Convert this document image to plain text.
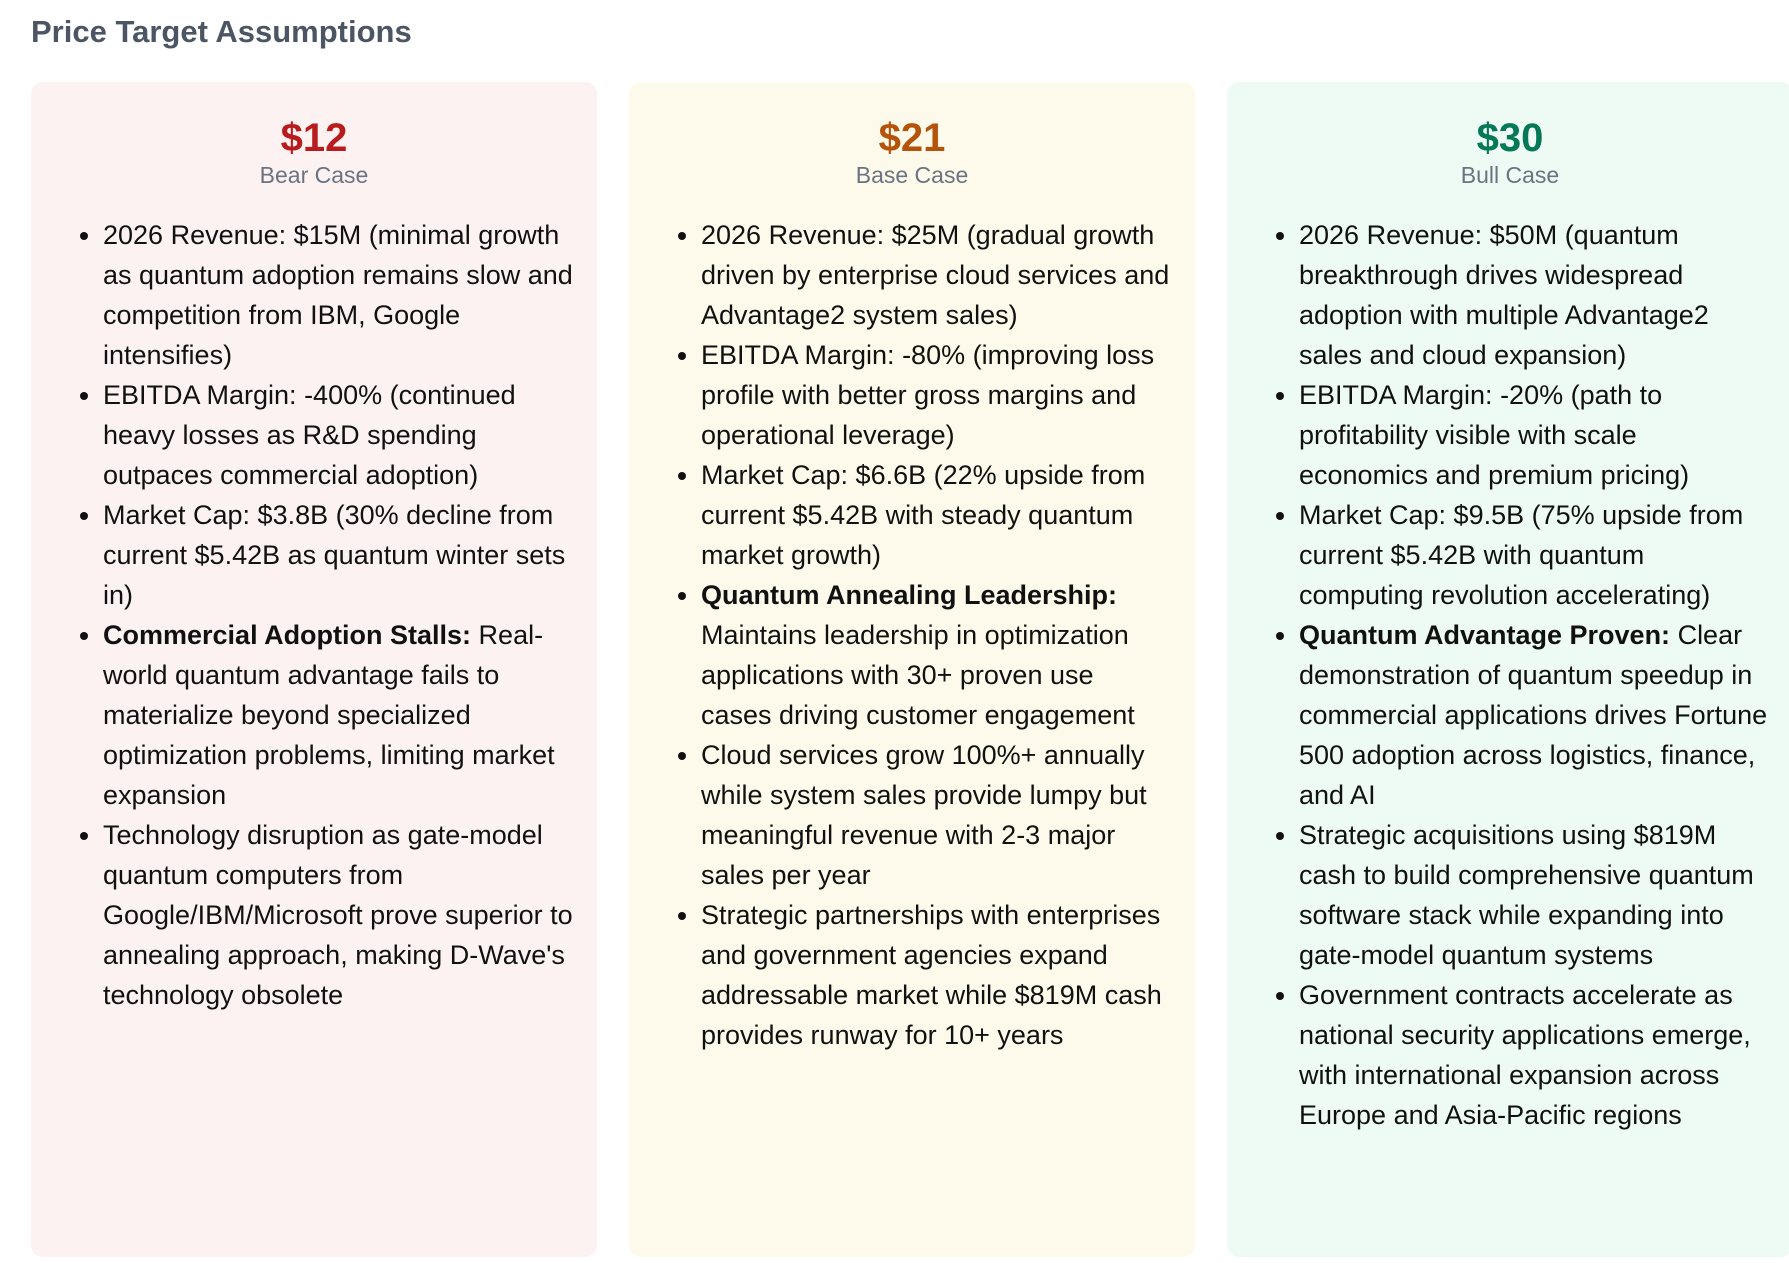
Price Target Assumptions
$12
Bear Case
• 2026 Revenue: $15M (minimal growth as quantum adoption remains slow and competition from IBM, Google intensifies)
• EBITDA Margin: -400% (continued heavy losses as R&D spending outpaces commercial adoption)
• Market Cap: $3.8B (30% decline from current $5.42B as quantum winter sets in)
• Commercial Adoption Stalls: Real-world quantum advantage fails to materialize beyond specialized optimization problems, limiting market expansion
• Technology disruption as gate-model quantum computers from Google/IBM/Microsoft prove superior to annealing approach, making D-Wave's technology obsolete
$21
Base Case
• 2026 Revenue: $25M (gradual growth driven by enterprise cloud services and Advantage2 system sales)
• EBITDA Margin: -80% (improving loss profile with better gross margins and operational leverage)
• Market Cap: $6.6B (22% upside from current $5.42B with steady quantum market growth)
• Quantum Annealing Leadership: Maintains leadership in optimization applications with 30+ proven use cases driving customer engagement
• Cloud services grow 100%+ annually while system sales provide lumpy but meaningful revenue with 2-3 major sales per year
• Strategic partnerships with enterprises and government agencies expand addressable market while $819M cash provides runway for 10+ years
$30
Bull Case
• 2026 Revenue: $50M (quantum breakthrough drives widespread adoption with multiple Advantage2 sales and cloud expansion)
• EBITDA Margin: -20% (path to profitability visible with scale economics and premium pricing)
• Market Cap: $9.5B (75% upside from current $5.42B with quantum computing revolution accelerating)
• Quantum Advantage Proven: Clear demonstration of quantum speedup in commercial applications drives Fortune 500 adoption across logistics, finance, and AI
• Strategic acquisitions using $819M cash to build comprehensive quantum software stack while expanding into gate-model quantum systems
• Government contracts accelerate as national security applications emerge, with international expansion across Europe and Asia-Pacific regions
